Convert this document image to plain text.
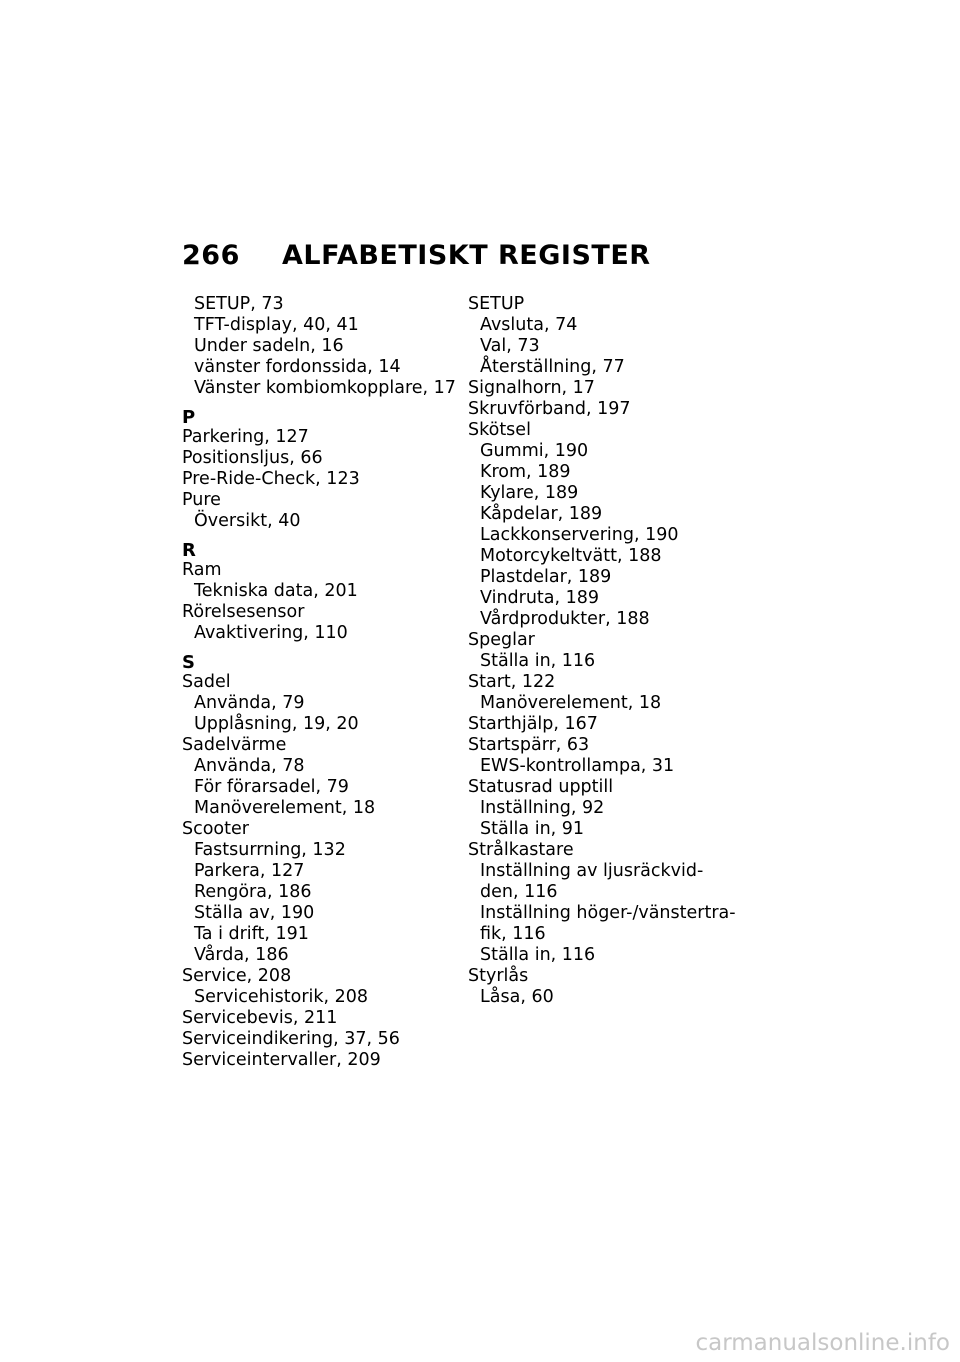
266 ALFABETISKT REGISTER
SETUP, 73
TFT-display, 40, 41
Under sadeln, 16
vänster fordonssida, 14
Vänster kombiomkopplare, 17
P
Parkering, 127
Positionsljus, 66
Pre-Ride-Check, 123
Pure
Översikt, 40
R
Ram
Tekniska data, 201
Rörelsesensor
Avaktivering, 110
S
Sadel
Använda, 79
Upplåsning, 19, 20
Sadelvärme
Använda, 78
För förarsadel, 79
Manöverelement, 18
Scooter
Fastsurrning, 132
Parkera, 127
Rengöra, 186
Ställa av, 190
Ta i drift, 191
Vårda, 186
Service, 208
Servicehistorik, 208
Servicebevis, 211
Serviceindikering, 37, 56
Serviceintervaller, 209
SETUP
Avsluta, 74
Val, 73
Återställning, 77
Signalhorn, 17
Skruvförband, 197
Skötsel
Gummi, 190
Krom, 189
Kylare, 189
Kåpdelar, 189
Lackkonservering, 190
Motorcykeltvätt, 188
Plastdelar, 189
Vindruta, 189
Vårdprodukter, 188
Speglar
Ställa in, 116
Start, 122
Manöverelement, 18
Starthjälp, 167
Startspärr, 63
EWS-kontrollampa, 31
Statusrad upptill
Inställning, 92
Ställa in, 91
Strålkastare
Inställning av ljusräckvid-
den, 116
Inställning höger-/vänstertra-
fik, 116
Ställa in, 116
Styrlås
Låsa, 60
carmanualsonline.info
